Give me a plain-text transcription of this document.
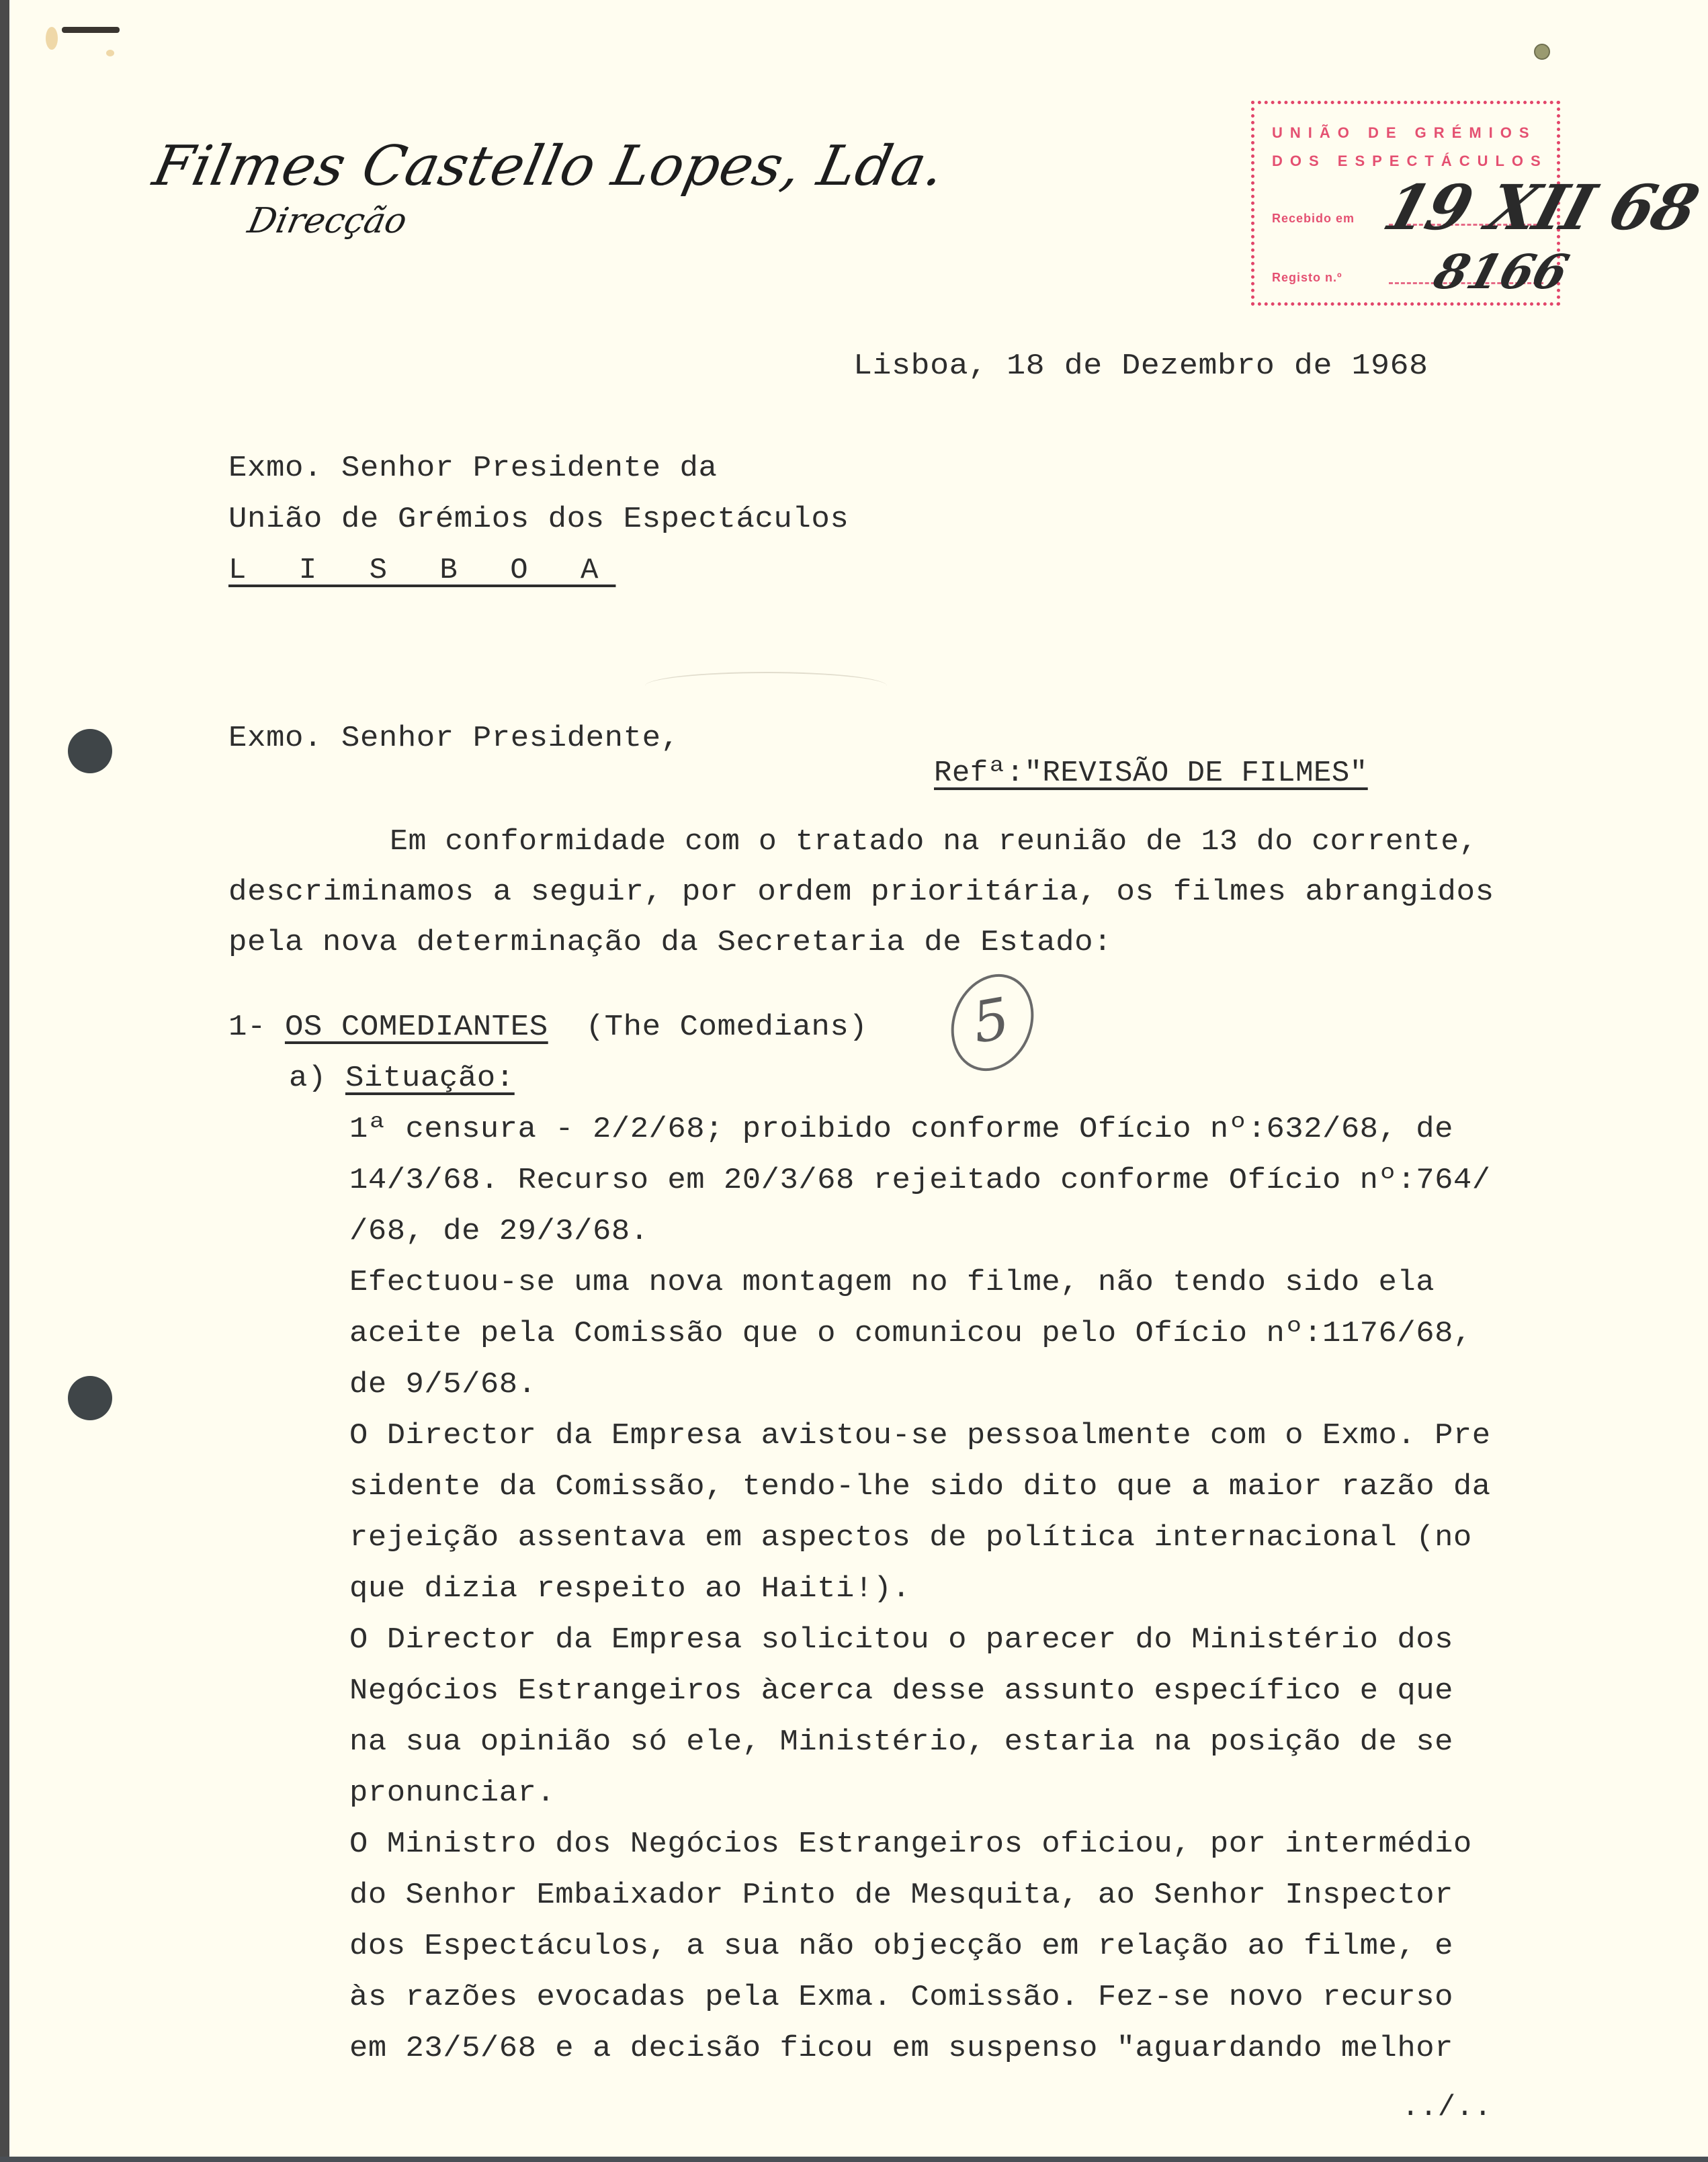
Filmes Castello Lopes, Lda.
Direcção
UNIÃO DE GRÉMIOS
DOS ESPECTÁCULOS
Recebido em
Registo n.º
19 XII 68
8166
Lisboa, 18 de Dezembro de 1968
Exmo. Senhor Presidente da
União de Grémios dos Espectáculos
L I S B O A
Exmo. Senhor Presidente,
Refª:"REVISÃO DE FILMES"
Em conformidade com o tratado na reunião de 13 do corrente,
descriminamos a seguir, por ordem prioritária, os filmes abrangidos
pela nova determinação da Secretaria de Estado:
1- OS COMEDIANTES (The Comedians) 5
a) Situação:
1ª censura - 2/2/68; proibido conforme Ofício nº:632/68, de
14/3/68. Recurso em 20/3/68 rejeitado conforme Ofício nº:764/
/68, de 29/3/68.
Efectuou-se uma nova montagem no filme, não tendo sido ela
aceite pela Comissão que o comunicou pelo Ofício nº:1176/68,
de 9/5/68.
O Director da Empresa avistou-se pessoalmente com o Exmo. Pre
sidente da Comissão, tendo-lhe sido dito que a maior razão da
rejeição assentava em aspectos de política internacional (no
que dizia respeito ao Haiti!).
O Director da Empresa solicitou o parecer do Ministério dos
Negócios Estrangeiros àcerca desse assunto específico e que
na sua opinião só ele, Ministério, estaria na posição de se
pronunciar.
O Ministro dos Negócios Estrangeiros oficiou, por intermédio
do Senhor Embaixador Pinto de Mesquita, ao Senhor Inspector
dos Espectáculos, a sua não objecção em relação ao filme, e
às razões evocadas pela Exma. Comissão. Fez-se novo recurso
em 23/5/68 e a decisão ficou em suspenso "aguardando melhor
../..
